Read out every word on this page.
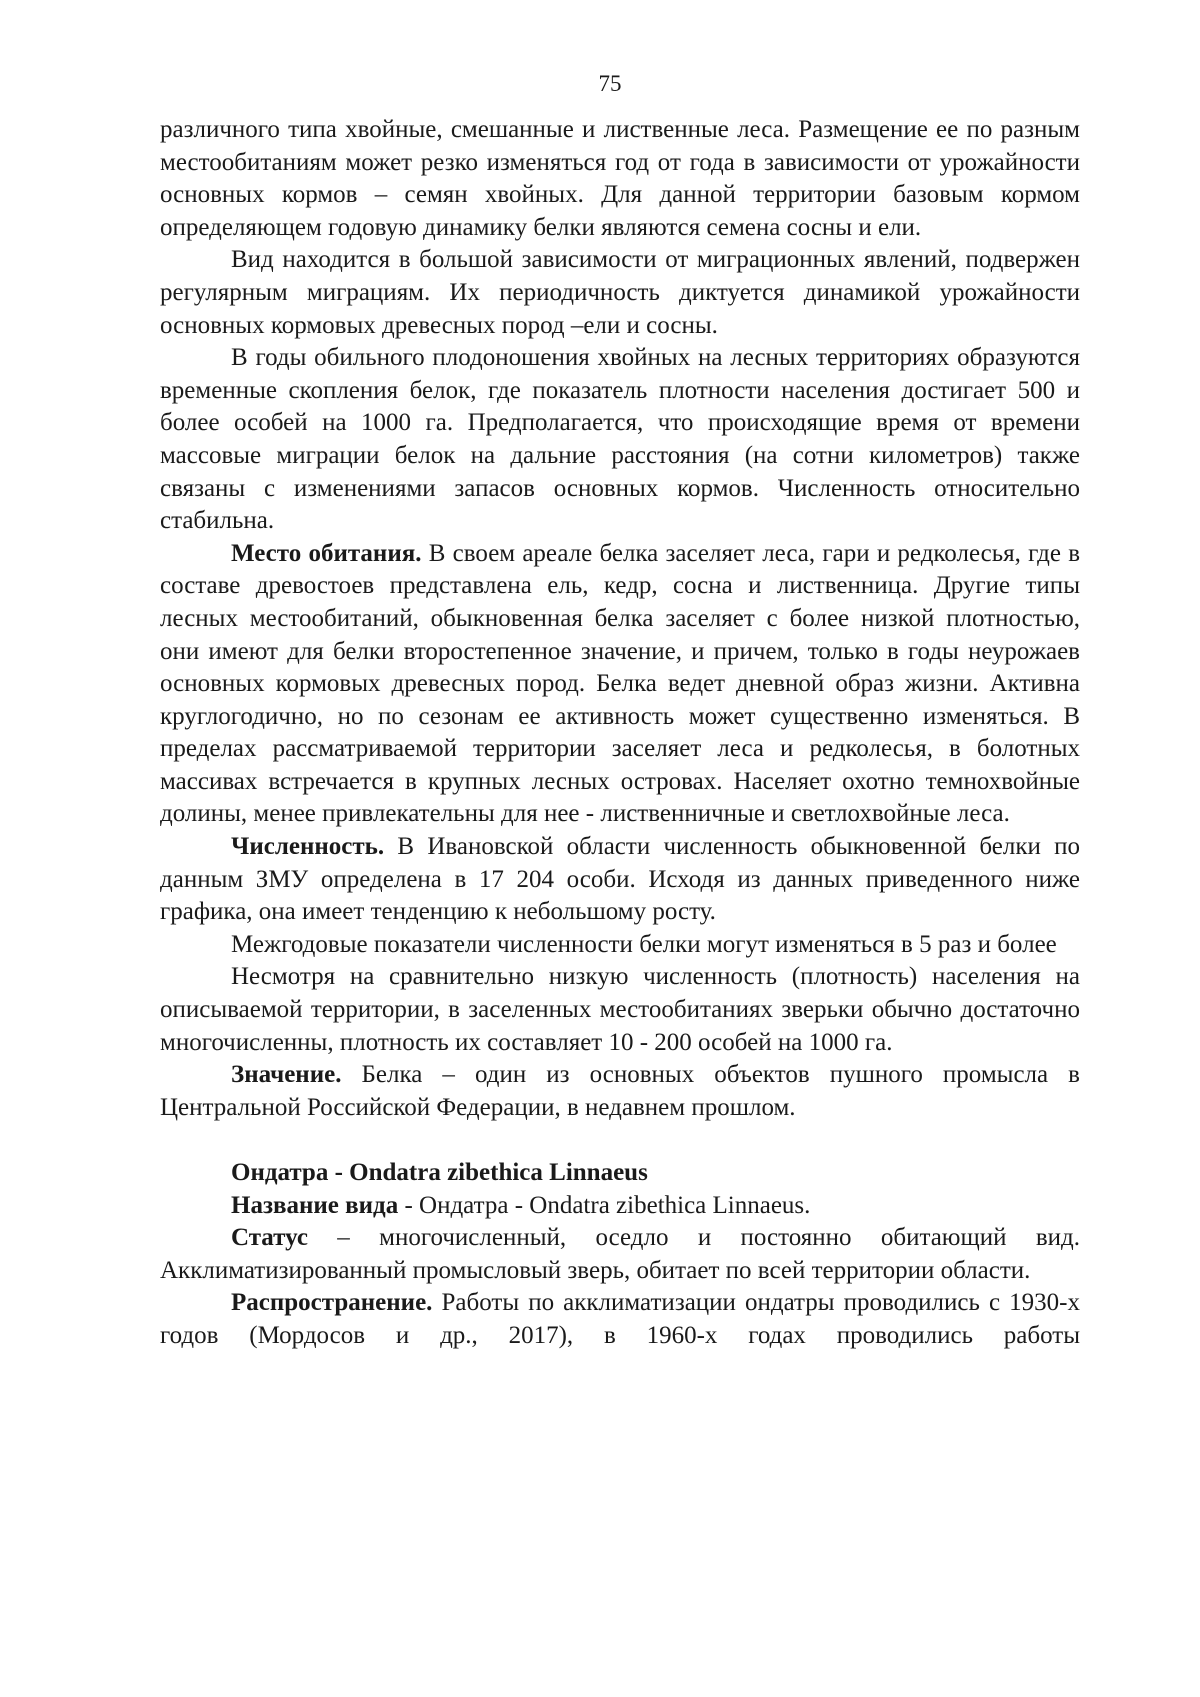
75

различного типа хвойные, смешанные и лиственные леса. Размещение ее по разным местообитаниям может резко изменяться год от года в зависимости от урожайности основных кормов – семян хвойных. Для данной территории базовым кормом определяющем годовую динамику белки являются семена сосны и ели.

Вид находится в большой зависимости от миграционных явлений, подвержен регулярным миграциям. Их периодичность диктуется динамикой урожайности основных кормовых древесных пород –ели и сосны.

В годы обильного плодоношения хвойных на лесных территориях образуются временные скопления белок, где показатель плотности населения достигает 500 и более особей на 1000 га. Предполагается, что происходящие время от времени массовые миграции белок на дальние расстояния (на сотни километров) также связаны с изменениями запасов основных кормов. Численность относительно стабильна.

Место обитания. В своем ареале белка заселяет леса, гари и редколесья, где в составе древостоев представлена ель, кедр, сосна и лиственница. Другие типы лесных местообитаний, обыкновенная белка заселяет с более низкой плотностью, они имеют для белки второстепенное значение, и причем, только в годы неурожаев основных кормовых древесных пород. Белка ведет дневной образ жизни. Активна круглогодично, но по сезонам ее активность может существенно изменяться. В пределах рассматриваемой территории заселяет леса и редколесья, в болотных массивах встречается в крупных лесных островах. Населяет охотно темнохвойные долины, менее привлекательны для нее - лиственничные и светлохвойные леса.

Численность. В Ивановской области численность обыкновенной белки по данным ЗМУ определена в 17 204 особи. Исходя из данных приведенного ниже графика, она имеет тенденцию к небольшому росту.

Межгодовые показатели численности белки могут изменяться в 5 раз и более

Несмотря на сравнительно низкую численность (плотность) населения на описываемой территории, в заселенных местообитаниях зверьки обычно достаточно многочисленны, плотность их составляет 10 - 200 особей на 1000 га.

Значение. Белка – один из основных объектов пушного промысла в Центральной Российской Федерации, в недавнем прошлом.

Ондатра - Ondatra zibethica Linnaeus

Название вида - Ондатра - Ondatra zibethica Linnaeus.

Статус – многочисленный, оседло и постоянно обитающий вид. Акклиматизированный промысловый зверь, обитает по всей территории области.

Распространение. Работы по акклиматизации ондатры проводились с 1930-х годов (Мордосов и др., 2017), в 1960-х годах проводились работы
